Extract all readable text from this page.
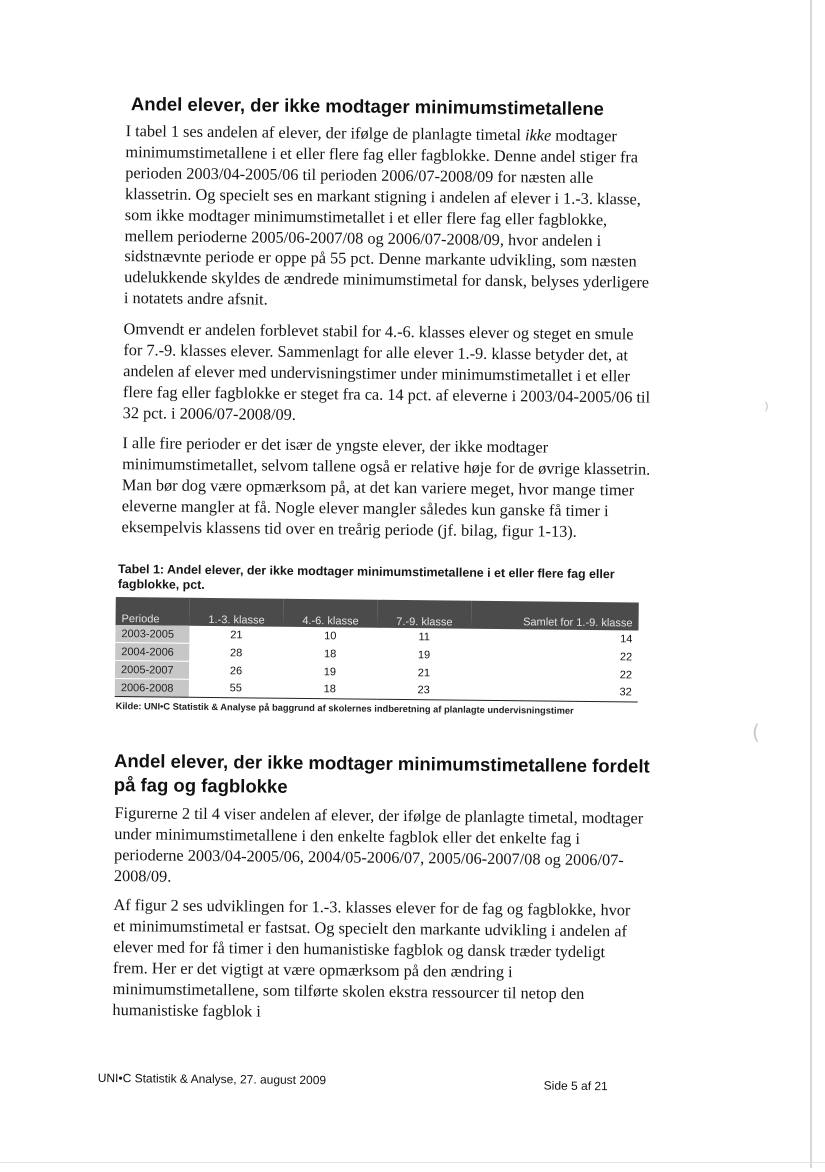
⁾
(
Andel elever, der ikke modtager minimumstimetallene

I tabel 1 ses andelen af elever, der ifølge de planlagte timetal ikke modtager minimumstimetallene i et eller flere fag eller fagblokke. Denne andel stiger fra perioden 2003/04-2005/06 til perioden 2006/07-2008/09 for næsten alle klassetrin. Og specielt ses en markant stigning i andelen af elever i 1.-3. klasse, som ikke modtager minimumstimetallet i et eller flere fag eller fagblokke, mellem perioderne 2005/06-2007/08 og 2006/07-2008/09, hvor andelen i sidstnævnte periode er oppe på 55 pct. Denne markante udvikling, som næsten udelukkende skyldes de ændrede minimumstimetal for dansk, belyses yderligere i notatets andre afsnit.

Omvendt er andelen forblevet stabil for 4.-6. klasses elever og steget en smule for 7.-9. klasses elever. Sammenlagt for alle elever 1.-9. klasse betyder det, at andelen af elever med undervisningstimer under minimumstimetallet i et eller flere fag eller fagblokke er steget fra ca. 14 pct. af eleverne i 2003/04-2005/06 til 32 pct. i 2006/07-2008/09.

I alle fire perioder er det især de yngste elever, der ikke modtager minimumstimetallet, selvom tallene også er relative høje for de øvrige klassetrin. Man bør dog være opmærksom på, at det kan variere meget, hvor mange timer eleverne mangler at få. Nogle elever mangler således kun ganske få timer i eksempelvis klassens tid over en treårig periode (jf. bilag, figur 1-13).

Tabel 1: Andel elever, der ikke modtager minimumstimetallene i et eller flere fag eller fagblokke, pct.
Periode	1.-3. klasse	4.-6. klasse	7.-9. klasse	Samlet for 1.-9. klasse
2003-2005	21	10	11	14
2004-2006	28	18	19	22
2005-2007	26	19	21	22
2006-2008	55	18	23	32
Kilde: UNI•C Statistik & Analyse på baggrund af skolernes indberetning af planlagte undervisningstimer
Andel elever, der ikke modtager minimumstimetallene fordelt på fag og fagblokke

Figurerne 2 til 4 viser andelen af elever, der ifølge de planlagte timetal, modtager under minimumstimetallene i den enkelte fagblok eller det enkelte fag i perioderne 2003/04-2005/06, 2004/05-2006/07, 2005/06-2007/08 og 2006/07-2008/09.

Af figur 2 ses udviklingen for 1.-3. klasses elever for de fag og fagblokke, hvor et minimumstimetal er fastsat. Og specielt den markante udvikling i andelen af elever med for få timer i den humanistiske fagblok og dansk træder tydeligt frem. Her er det vigtigt at være opmærksom på den ændring i minimumstimetallene, som tilførte skolen ekstra ressourcer til netop den humanistiske fagblok i

UNI•C Statistik & Analyse, 27. august 2009	Side 5 af 21
